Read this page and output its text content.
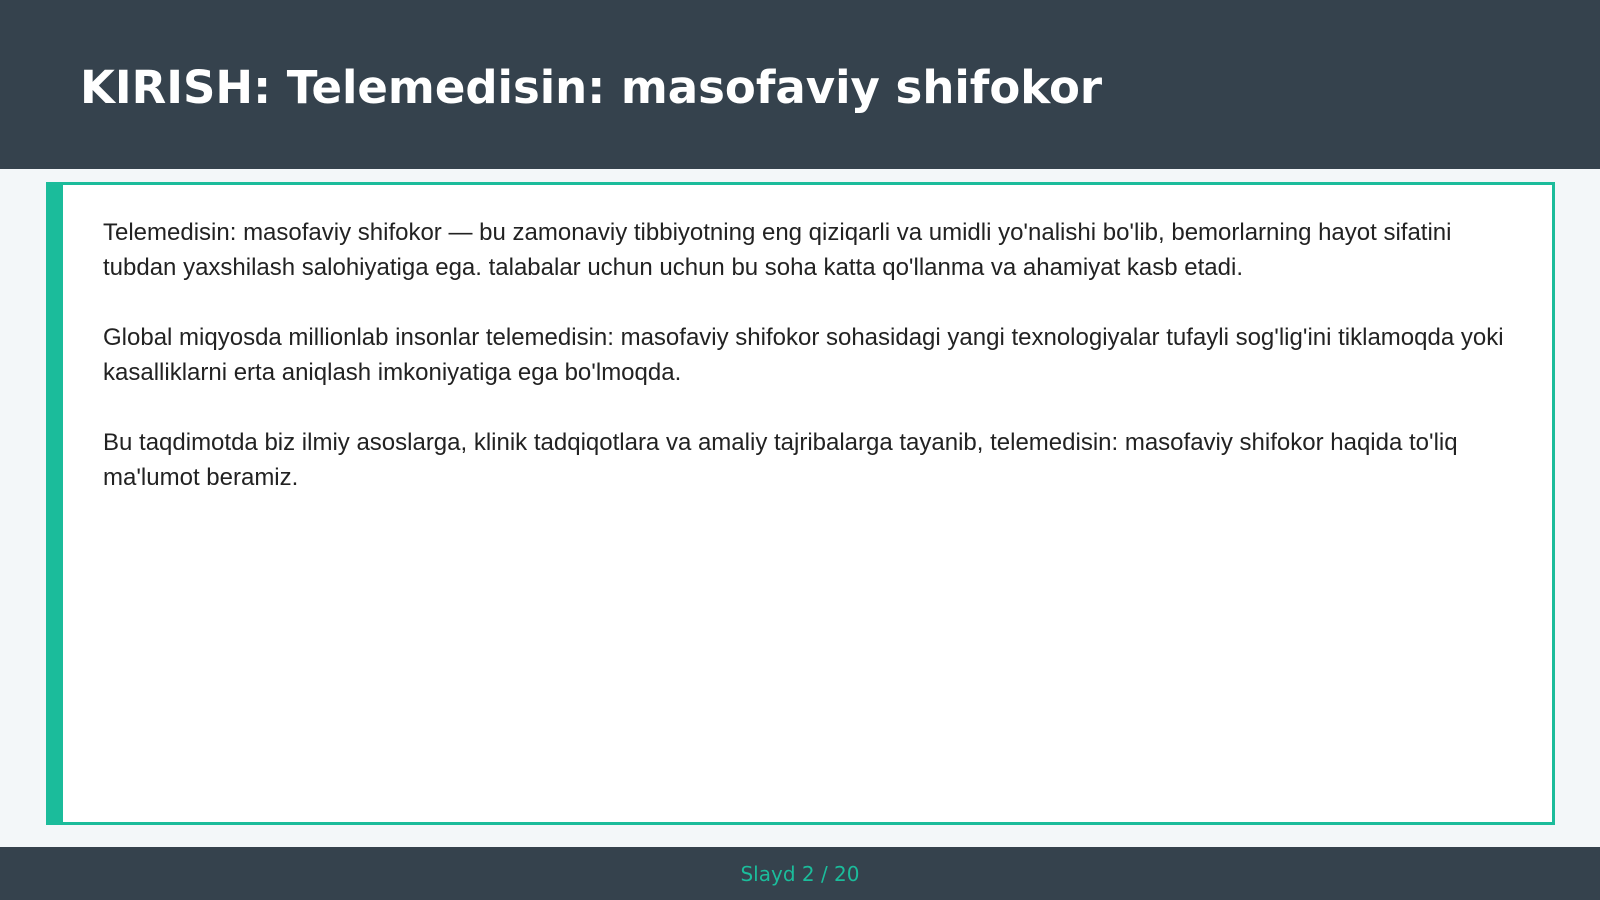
KIRISH: Telemedisin: masofaviy shifokor

Telemedisin: masofaviy shifokor — bu zamonaviy tibbiyotning eng qiziqarli va umidli yo'nalishi bo'lib, bemorlarning hayot sifatini tubdan yaxshilash salohiyatiga ega. talabalar uchun uchun bu soha katta qo'llanma va ahamiyat kasb etadi.

Global miqyosda millionlab insonlar telemedisin: masofaviy shifokor sohasidagi yangi texnologiyalar tufayli sog'lig'ini tiklamoqda yoki kasalliklarni erta aniqlash imkoniyatiga ega bo'lmoqda.

Bu taqdimotda biz ilmiy asoslarga, klinik tadqiqotlara va amaliy tajribalarga tayanib, telemedisin: masofaviy shifokor haqida to'liq ma'lumot beramiz.

Slayd 2 / 20
